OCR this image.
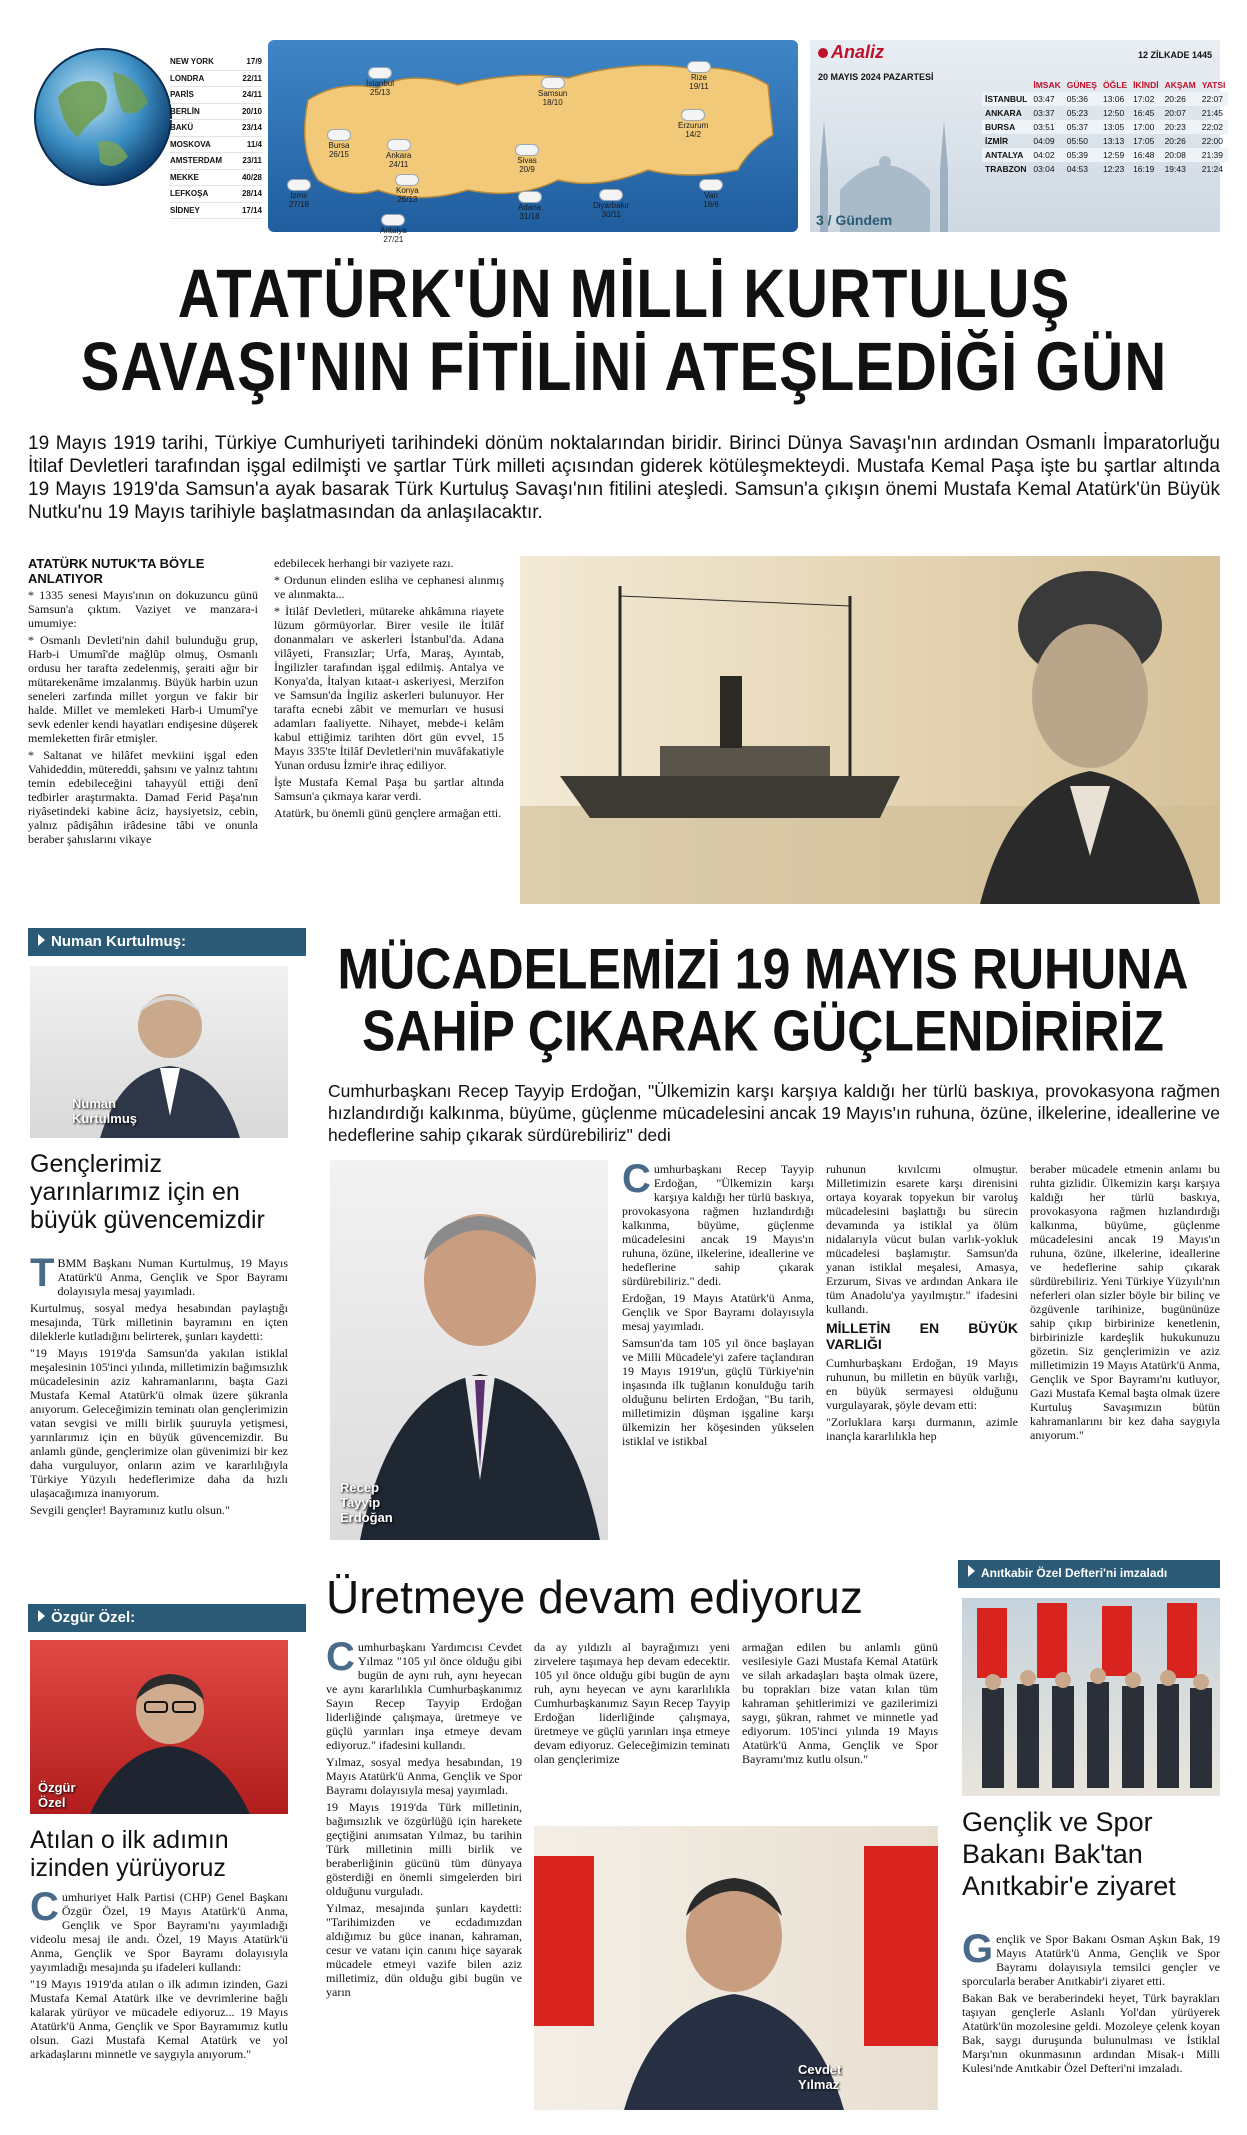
NEW YORK	17/9
LONDRA	22/11
PARİS	24/11
BERLİN	20/10
BAKÜ	23/14
MOSKOVA	11/4
AMSTERDAM	23/11
MEKKE	40/28
LEFKOŞA	28/14
SİDNEY	17/14
İstanbul
25/13
Bursa
26/15	Ankara
24/11
İzmir
27/18
Konya
26/13
Antalya
27/21
Adana
31/18
Sivas
20/9
Samsun
18/10
Rize
19/11
Erzurum
14/2
Diyarbakır
30/11
Van
18/6
Analiz
20 MAYIS 2024 PAZARTESİ
12 ZİLKADE 1445
	İMSAK	GÜNEŞ	ÖĞLE	İKİNDİ	AKŞAM	YATSI
İSTANBUL	03:47	05:36	13:06	17:02	20:26	22:07
ANKARA	03:37	05:23	12:50	16:45	20:07	21:45
BURSA	03:51	05:37	13:05	17:00	20:23	22:02
İZMİR	04:09	05:50	13:13	17:05	20:26	22:00
ANTALYA	04:02	05:39	12:59	16:48	20:08	21:39
TRABZON	03:04	04:53	12:23	16:19	19:43	21:24
3 / Gündem
ATATÜRK'ÜN MİLLİ KURTULUŞ
SAVAŞI'NIN FİTİLİNİ ATEŞLEDİĞİ GÜN
19 Mayıs 1919 tarihi, Türkiye Cumhuriyeti tarihindeki dönüm noktalarından biridir. Birinci Dünya Savaşı'nın ardından Osmanlı İmparatorluğu İtilaf Devletleri tarafından işgal edilmişti ve şartlar Türk milleti açısından giderek kötüleşmekteydi. Mustafa Kemal Paşa işte bu şartlar altında 19 Mayıs 1919'da Samsun'a ayak basarak Türk Kurtuluş Savaşı'nın fitilini ateşledi. Samsun'a çıkışın önemi Mustafa Kemal Atatürk'ün Büyük Nutku'nu 19 Mayıs tarihiyle başlatmasından da anlaşılacaktır.
ATATÜRK NUTUK'TA BÖYLE ANLATIYOR

* 1335 senesi Mayıs'ının on dokuzuncu günü Samsun'a çıktım. Vaziyet ve manzara-i umumiye:

* Osmanlı Devleti'nin dahil bulunduğu grup, Harb-i Umumî'de mağlûp olmuş, Osmanlı ordusu her tarafta zedelenmiş, şeraiti ağır bir mütarekenâme imzalanmış. Büyük harbin uzun seneleri zarfında millet yorgun ve fakir bir halde. Millet ve memleketi Harb-i Umumî'ye sevk edenler kendi hayatları endişesine düşerek memleketten firâr etmişler.

* Saltanat ve hilâfet mevkiini işgal eden Vahideddin, mütereddi, şahsını ve yalnız tahtını temin edebileceğini tahayyül ettiği denî tedbirler araştırmakta. Damad Ferid Paşa'nın riyâsetindeki kabine âciz, haysiyetsiz, cebin, yalnız pâdişâhın irâdesine tâbi ve onunla beraber şahıslarını vikaye

edebilecek herhangi bir vaziyete razı.

* Ordunun elinden esliha ve cephanesi alınmış ve alınmakta...

* İtilâf Devletleri, mütareke ahkâmına riayete lüzum görmüyorlar. Birer vesile ile İtilâf donanmaları ve askerleri İstanbul'da. Adana vilâyeti, Fransızlar; Urfa, Maraş, Ayıntab, İngilizler tarafından işgal edilmiş. Antalya ve Konya'da, İtalyan kıtaat-ı askeriyesi, Merzifon ve Samsun'da İngiliz askerleri bulunuyor. Her tarafta ecnebi zâbit ve memurları ve hususi adamları faaliyette. Nihayet, mebde-i kelâm kabul ettiğimiz tarihten dört gün evvel, 15 Mayıs 335'te İtilâf Devletleri'nin muvâfakatiyle Yunan ordusu İzmir'e ihraç ediliyor.

İşte Mustafa Kemal Paşa bu şartlar altında Samsun'a çıkmaya karar verdi.

Atatürk, bu önemli günü gençlere armağan etti.

Numan Kurtulmuş:
Numan Kurtulmuş
Gençlerimiz yarınlarımız için en büyük güvencemizdir

TBMM Başkanı Numan Kurtulmuş, 19 Mayıs Atatürk'ü Anma, Gençlik ve Spor Bayramı dolayısıyla mesaj yayımladı.

Kurtulmuş, sosyal medya hesabından paylaştığı mesajında, Türk milletinin bayramını en içten dileklerle kutladığını belirterek, şunları kaydetti:

"19 Mayıs 1919'da Samsun'da yakılan istiklal meşalesinin 105'inci yılında, milletimizin bağımsızlık mücadelesinin aziz kahramanlarını, başta Gazi Mustafa Kemal Atatürk'ü olmak üzere şükranla anıyorum. Geleceğimizin teminatı olan gençlerimizin vatan sevgisi ve milli birlik şuuruyla yetişmesi, yarınlarımız için en büyük güvencemizdir. Bu anlamlı günde, gençlerimize olan güvenimizi bir kez daha vurguluyor, onların azim ve kararlılığıyla Türkiye Yüzyılı hedeflerimize daha da hızlı ulaşacağımıza inanıyorum.

Sevgili gençler! Bayramınız kutlu olsun."

Özgür Özel:
Özgür Özel
Atılan o ilk adımın izinden yürüyoruz

Cumhuriyet Halk Partisi (CHP) Genel Başkanı Özgür Özel, 19 Mayıs Atatürk'ü Anma, Gençlik ve Spor Bayramı'nı yayımladığı videolu mesaj ile andı. Özel, 19 Mayıs Atatürk'ü Anma, Gençlik ve Spor Bayramı dolayısıyla yayımladığı mesajında şu ifadeleri kullandı:

"19 Mayıs 1919'da atılan o ilk adımın izinden, Gazi Mustafa Kemal Atatürk ilke ve devrimlerine bağlı kalarak yürüyor ve mücadele ediyoruz... 19 Mayıs Atatürk'ü Anma, Gençlik ve Spor Bayramımız kutlu olsun. Gazi Mustafa Kemal Atatürk ve yol arkadaşlarını minnetle ve saygıyla anıyorum."

MÜCADELEMİZİ 19 MAYIS RUHUNA
SAHİP ÇIKARAK GÜÇLENDİRİRİZ
Cumhurbaşkanı Recep Tayyip Erdoğan, "Ülkemizin karşı karşıya kaldığı her türlü baskıya, provokasyona rağmen hızlandırdığı kalkınma, büyüme, güçlenme mücadelesini ancak 19 Mayıs'ın ruhuna, özüne, ilkelerine, ideallerine ve hedeflerine sahip çıkarak sürdürebiliriz" dedi
Recep Tayyip Erdoğan

Cumhurbaşkanı Recep Tayyip Erdoğan, "Ülkemizin karşı karşıya kaldığı her türlü baskıya, provokasyona rağmen hızlandırdığı kalkınma, büyüme, güçlenme mücadelesini ancak 19 Mayıs'ın ruhuna, özüne, ilkelerine, ideallerine ve hedeflerine sahip çıkarak sürdürebiliriz." dedi.

Erdoğan, 19 Mayıs Atatürk'ü Anma, Gençlik ve Spor Bayramı dolayısıyla mesaj yayımladı.

Samsun'da tam 105 yıl önce başlayan ve Milli Mücadele'yi zafere taçlandıran 19 Mayıs 1919'un, güçlü Türkiye'nin inşasında ilk tuğlanın konulduğu tarih olduğunu belirten Erdoğan, "Bu tarih, milletimizin düşman işgaline karşı ülkemizin her köşesinden yükselen istiklal ve istikbal

ruhunun kıvılcımı olmuştur. Milletimizin esarete karşı direnisini ortaya koyarak topyekun bir varoluş mücadelesini başlattığı bu sürecin devamında ya istiklal ya ölüm nidalarıyla vücut bulan varlık-yokluk mücadelesi başlamıştır. Samsun'da yanan istiklal meşalesi, Amasya, Erzurum, Sivas ve ardından Ankara ile tüm Anadolu'ya yayılmıştır." ifadesini kullandı.

MİLLETİN EN BÜYÜK VARLIĞI

Cumhurbaşkanı Erdoğan, 19 Mayıs ruhunun, bu milletin en büyük varlığı, en büyük sermayesi olduğunu vurgulayarak, şöyle devam etti:

"Zorluklara karşı durmanın, azimle inançla kararlılıkla hep

beraber mücadele etmenin anlamı bu ruhta gizlidir. Ülkemizin karşı karşıya kaldığı her türlü baskıya, provokasyona rağmen hızlandırdığı kalkınma, büyüme, güçlenme mücadelesini ancak 19 Mayıs'ın ruhuna, özüne, ilkelerine, ideallerine ve hedeflerine sahip çıkarak sürdürebiliriz. Yeni Türkiye Yüzyılı'nın neferleri olan sizler böyle bir bilinç ve özgüvenle tarihinize, bugününüze sahip çıkıp birbirinize kenetlenin, birbirinizle kardeşlik hukukunuzu gözetin. Siz gençlerimizin ve aziz milletimizin 19 Mayıs Atatürk'ü Anma, Gençlik ve Spor Bayramı'nı kutluyor, Gazi Mustafa Kemal başta olmak üzere Kurtuluş Savaşımızın bütün kahramanlarını bir kez daha saygıyla anıyorum."

Üretmeye devam ediyoruz

Cumhurbaşkanı Yardımcısı Cevdet Yılmaz "105 yıl önce olduğu gibi bugün de aynı ruh, aynı heyecan ve aynı kararlılıkla Cumhurbaşkanımız Sayın Recep Tayyip Erdoğan liderliğinde çalışmaya, üretmeye ve güçlü yarınları inşa etmeye devam ediyoruz." ifadesini kullandı.

Yılmaz, sosyal medya hesabından, 19 Mayıs Atatürk'ü Anma, Gençlik ve Spor Bayramı dolayısıyla mesaj yayımladı.

19 Mayıs 1919'da Türk milletinin, bağımsızlık ve özgürlüğü için harekete geçtiğini anımsatan Yılmaz, bu tarihin Türk milletinin milli birlik ve beraberliğinin gücünü tüm dünyaya gösterdiği en önemli simgelerden biri olduğunu vurguladı.

Yılmaz, mesajında şunları kaydetti: "Tarihimizden ve ecdadımızdan aldığımız bu güce inanan, kahraman, cesur ve vatanı için canını hiçe sayarak mücadele etmeyi vazife bilen aziz milletimiz, dün olduğu gibi bugün ve yarın

da ay yıldızlı al bayrağımızı yeni zirvelere taşımaya hep devam edecektir. 105 yıl önce olduğu gibi bugün de aynı ruh, aynı heyecan ve aynı kararlılıkla Cumhurbaşkanımız Sayın Recep Tayyip Erdoğan liderliğinde çalışmaya, üretmeye ve güçlü yarınları inşa etmeye devam ediyoruz. Geleceğimizin teminatı olan gençlerimize

armağan edilen bu anlamlı günü vesilesiyle Gazi Mustafa Kemal Atatürk ve silah arkadaşları başta olmak üzere, bu toprakları bize vatan kılan tüm kahraman şehitlerimizi ve gazilerimizi saygı, şükran, rahmet ve minnetle yad ediyorum. 105'inci yılında 19 Mayıs Atatürk'ü Anma, Gençlik ve Spor Bayramı'mız kutlu olsun."

Cevdet Yılmaz
Anıtkabir Özel Defteri'ni imzaladı
Gençlik ve Spor Bakanı Bak'tan Anıtkabir'e ziyaret

Gençlik ve Spor Bakanı Osman Aşkın Bak, 19 Mayıs Atatürk'ü Anma, Gençlik ve Spor Bayramı dolayısıyla temsilci gençler ve sporcularla beraber Anıtkabir'i ziyaret etti.

Bakan Bak ve beraberindeki heyet, Türk bayrakları taşıyan gençlerle Aslanlı Yol'dan yürüyerek Atatürk'ün mozolesine geldi. Mozoleye çelenk koyan Bak, saygı duruşunda bulunulması ve İstiklal Marşı'nın okunmasının ardından Misak-ı Milli Kulesi'nde Anıtkabir Özel Defteri'ni imzaladı.
